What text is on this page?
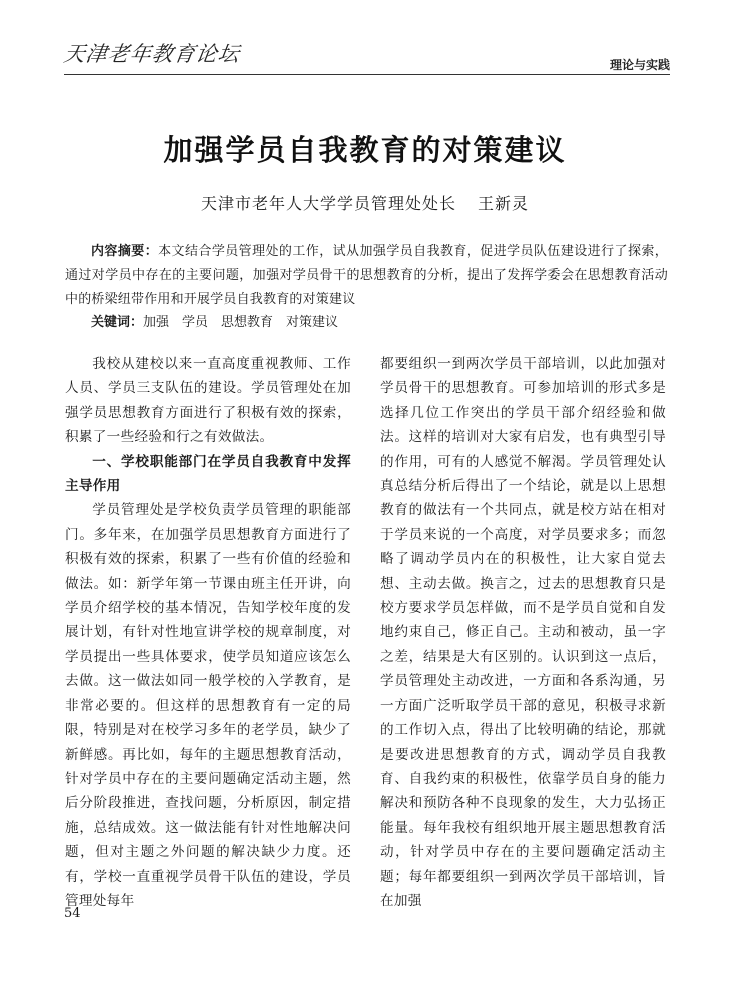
天津老年教育论坛	理论与实践
加强学员自我教育的对策建议
天津市老年人大学学员管理处处长 王新灵

内容摘要：本文结合学员管理处的工作，试从加强学员自我教育，促进学员队伍建设进行了探索，通过对学员中存在的主要问题，加强对学员骨干的思想教育的分析，提出了发挥学委会在思想教育活动中的桥梁纽带作用和开展学员自我教育的对策建议

关键词：加强　学员　思想教育　对策建议

我校从建校以来一直高度重视教师、工作人员、学员三支队伍的建设。学员管理处在加强学员思想教育方面进行了积极有效的探索，积累了一些经验和行之有效做法。

一、学校职能部门在学员自我教育中发挥主导作用

学员管理处是学校负责学员管理的职能部门。多年来，在加强学员思想教育方面进行了积极有效的探索，积累了一些有价值的经验和做法。如：新学年第一节课由班主任开讲，向学员介绍学校的基本情况，告知学校年度的发展计划，有针对性地宣讲学校的规章制度，对学员提出一些具体要求，使学员知道应该怎么去做。这一做法如同一般学校的入学教育，是非常必要的。但这样的思想教育有一定的局限，特别是对在校学习多年的老学员，缺少了新鲜感。再比如，每年的主题思想教育活动，针对学员中存在的主要问题确定活动主题，然后分阶段推进，查找问题，分析原因，制定措施，总结成效。这一做法能有针对性地解决问题，但对主题之外问题的解决缺少力度。还有，学校一直重视学员骨干队伍的建设，学员管理处每年

都要组织一到两次学员干部培训，以此加强对学员骨干的思想教育。可参加培训的形式多是选择几位工作突出的学员干部介绍经验和做法。这样的培训对大家有启发，也有典型引导的作用，可有的人感觉不解渴。学员管理处认真总结分析后得出了一个结论，就是以上思想教育的做法有一个共同点，就是校方站在相对于学员来说的一个高度，对学员要求多；而忽略了调动学员内在的积极性，让大家自觉去想、主动去做。换言之，过去的思想教育只是校方要求学员怎样做，而不是学员自觉和自发地约束自己，修正自己。主动和被动，虽一字之差，结果是大有区别的。认识到这一点后，学员管理处主动改进，一方面和各系沟通，另一方面广泛听取学员干部的意见，积极寻求新的工作切入点，得出了比较明确的结论，那就是要改进思想教育的方式，调动学员自我教育、自我约束的积极性，依靠学员自身的能力解决和预防各种不良现象的发生，大力弘扬正能量。每年我校有组织地开展主题思想教育活动，针对学员中存在的主要问题确定活动主题；每年都要组织一到两次学员干部培训，旨在加强

54
